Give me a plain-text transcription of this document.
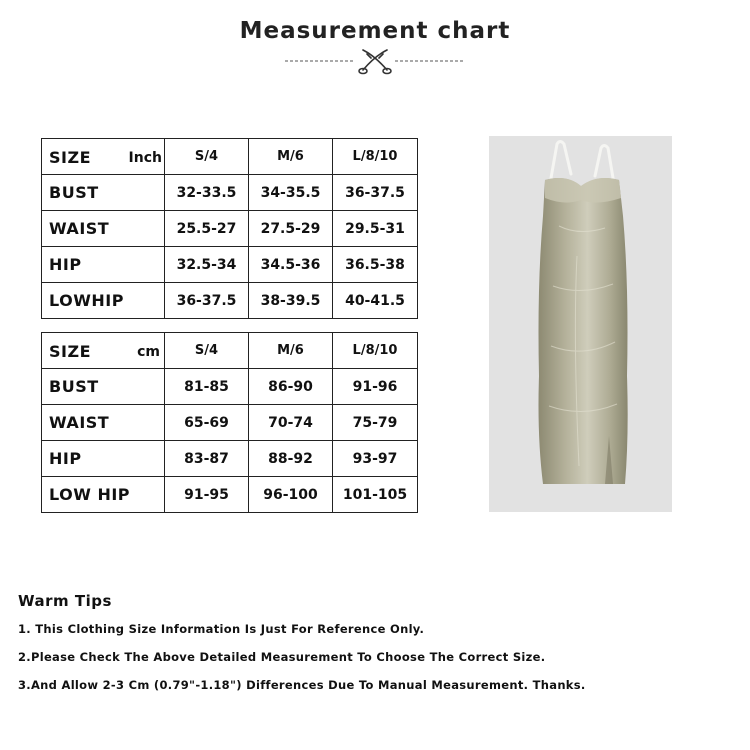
Measurement chart
SIZE Inch	S/4	M/6	L/8/10
BUST	32-33.5	34-35.5	36-37.5
WAIST	25.5-27	27.5-29	29.5-31
HIP	32.5-34	34.5-36	36.5-38
LOWHIP	36-37.5	38-39.5	40-41.5
SIZE cm	S/4	M/6	L/8/10
BUST	81-85	86-90	91-96
WAIST	65-69	70-74	75-79
HIP	83-87	88-92	93-97
LOW HIP	91-95	96-100	101-105
Warm Tips
1. This Clothing Size Information Is Just For Reference Only.
2.Please Check The Above Detailed Measurement To Choose The Correct Size.
3.And Allow 2-3 Cm (0.79"-1.18") Differences Due To Manual Measurement. Thanks.
